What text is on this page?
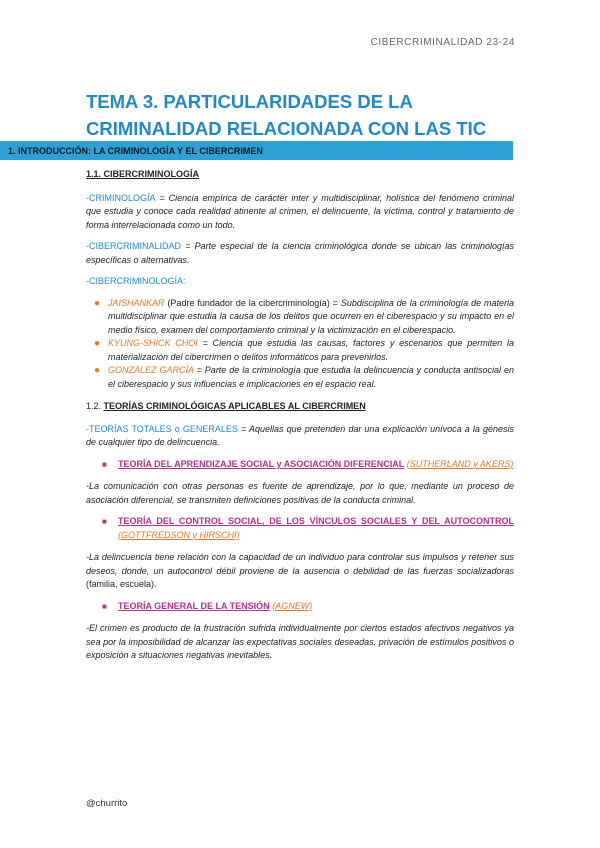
CIBERCRIMINALIDAD 23-24
TEMA 3. PARTICULARIDADES DE LA CRIMINALIDAD RELACIONADA CON LAS TIC
1. INTRODUCCIÓN: LA CRIMINOLOGÍA Y EL CIBERCRIMEN

1.1. CIBERCRIMINOLOGÍA

-CRIMINOLOGÍA = Ciencia empírica de carácter inter y multidisciplinar, holística del fenómeno criminal que estudia y conoce cada realidad atinente al crimen, el delincuente, la víctima, control y tratamiento de forma interrelacionada como un todo.

-CIBERCRIMINALIDAD = Parte especial de la ciencia criminológica donde se ubican las criminologías específicas o alternativas.

-CIBERCRIMINOLOGÍA:

● JAISHANKAR (Padre fundador de la cibercriminología) = Subdisciplina de la criminología de materia multidisciplinar que estudia la causa de los delitos que ocurren en el ciberespacio y su impacto en el medio físico, examen del comportamiento criminal y la victimización en el ciberespacio.
● KYUNG-SHICK CHOI = Ciencia que estudia las causas, factores y escenarios que permiten la materialización del cibercrimen o delitos informáticos para prevenirlos.
● GONZÁLEZ GARCÍA = Parte de la criminología que estudia la delincuencia y conducta antisocial en el ciberespacio y sus influencias e implicaciones en el espacio real.

1.2. TEORÍAS CRIMINOLÓGICAS APLICABLES AL CIBERCRIMEN

-TEORÍAS TOTALES o GENERALES = Aquellas que pretenden dar una explicación unívoca a la génesis de cualquier tipo de delincuencia.

■ TEORÍA DEL APRENDIZAJE SOCIAL y ASOCIACIÓN DIFERENCIAL (SUTHERLAND y AKERS)

-La comunicación con otras personas es fuente de aprendizaje, por lo que, mediante un proceso de asociación diferencial, se transmiten definiciones positivas de la conducta criminal.

■ TEORÍA DEL CONTROL SOCIAL, DE LOS VÍNCULOS SOCIALES Y DEL AUTOCONTROL (GOTTFREDSON y HIRSCHI)

-La delincuencia tiene relación con la capacidad de un individuo para controlar sus impulsos y retener sus deseos, donde, un autocontrol débil proviene de la ausencia o debilidad de las fuerzas socializadoras (familia, escuela).

■ TEORÍA GENERAL DE LA TENSIÓN (AGNEW)

-El crimen es producto de la frustración sufrida individualmente por ciertos estados afectivos negativos ya sea por la imposibilidad de alcanzar las expectativas sociales deseadas, privación de estímulos positivos o exposición a situaciones negativas inevitables.

@churrito
